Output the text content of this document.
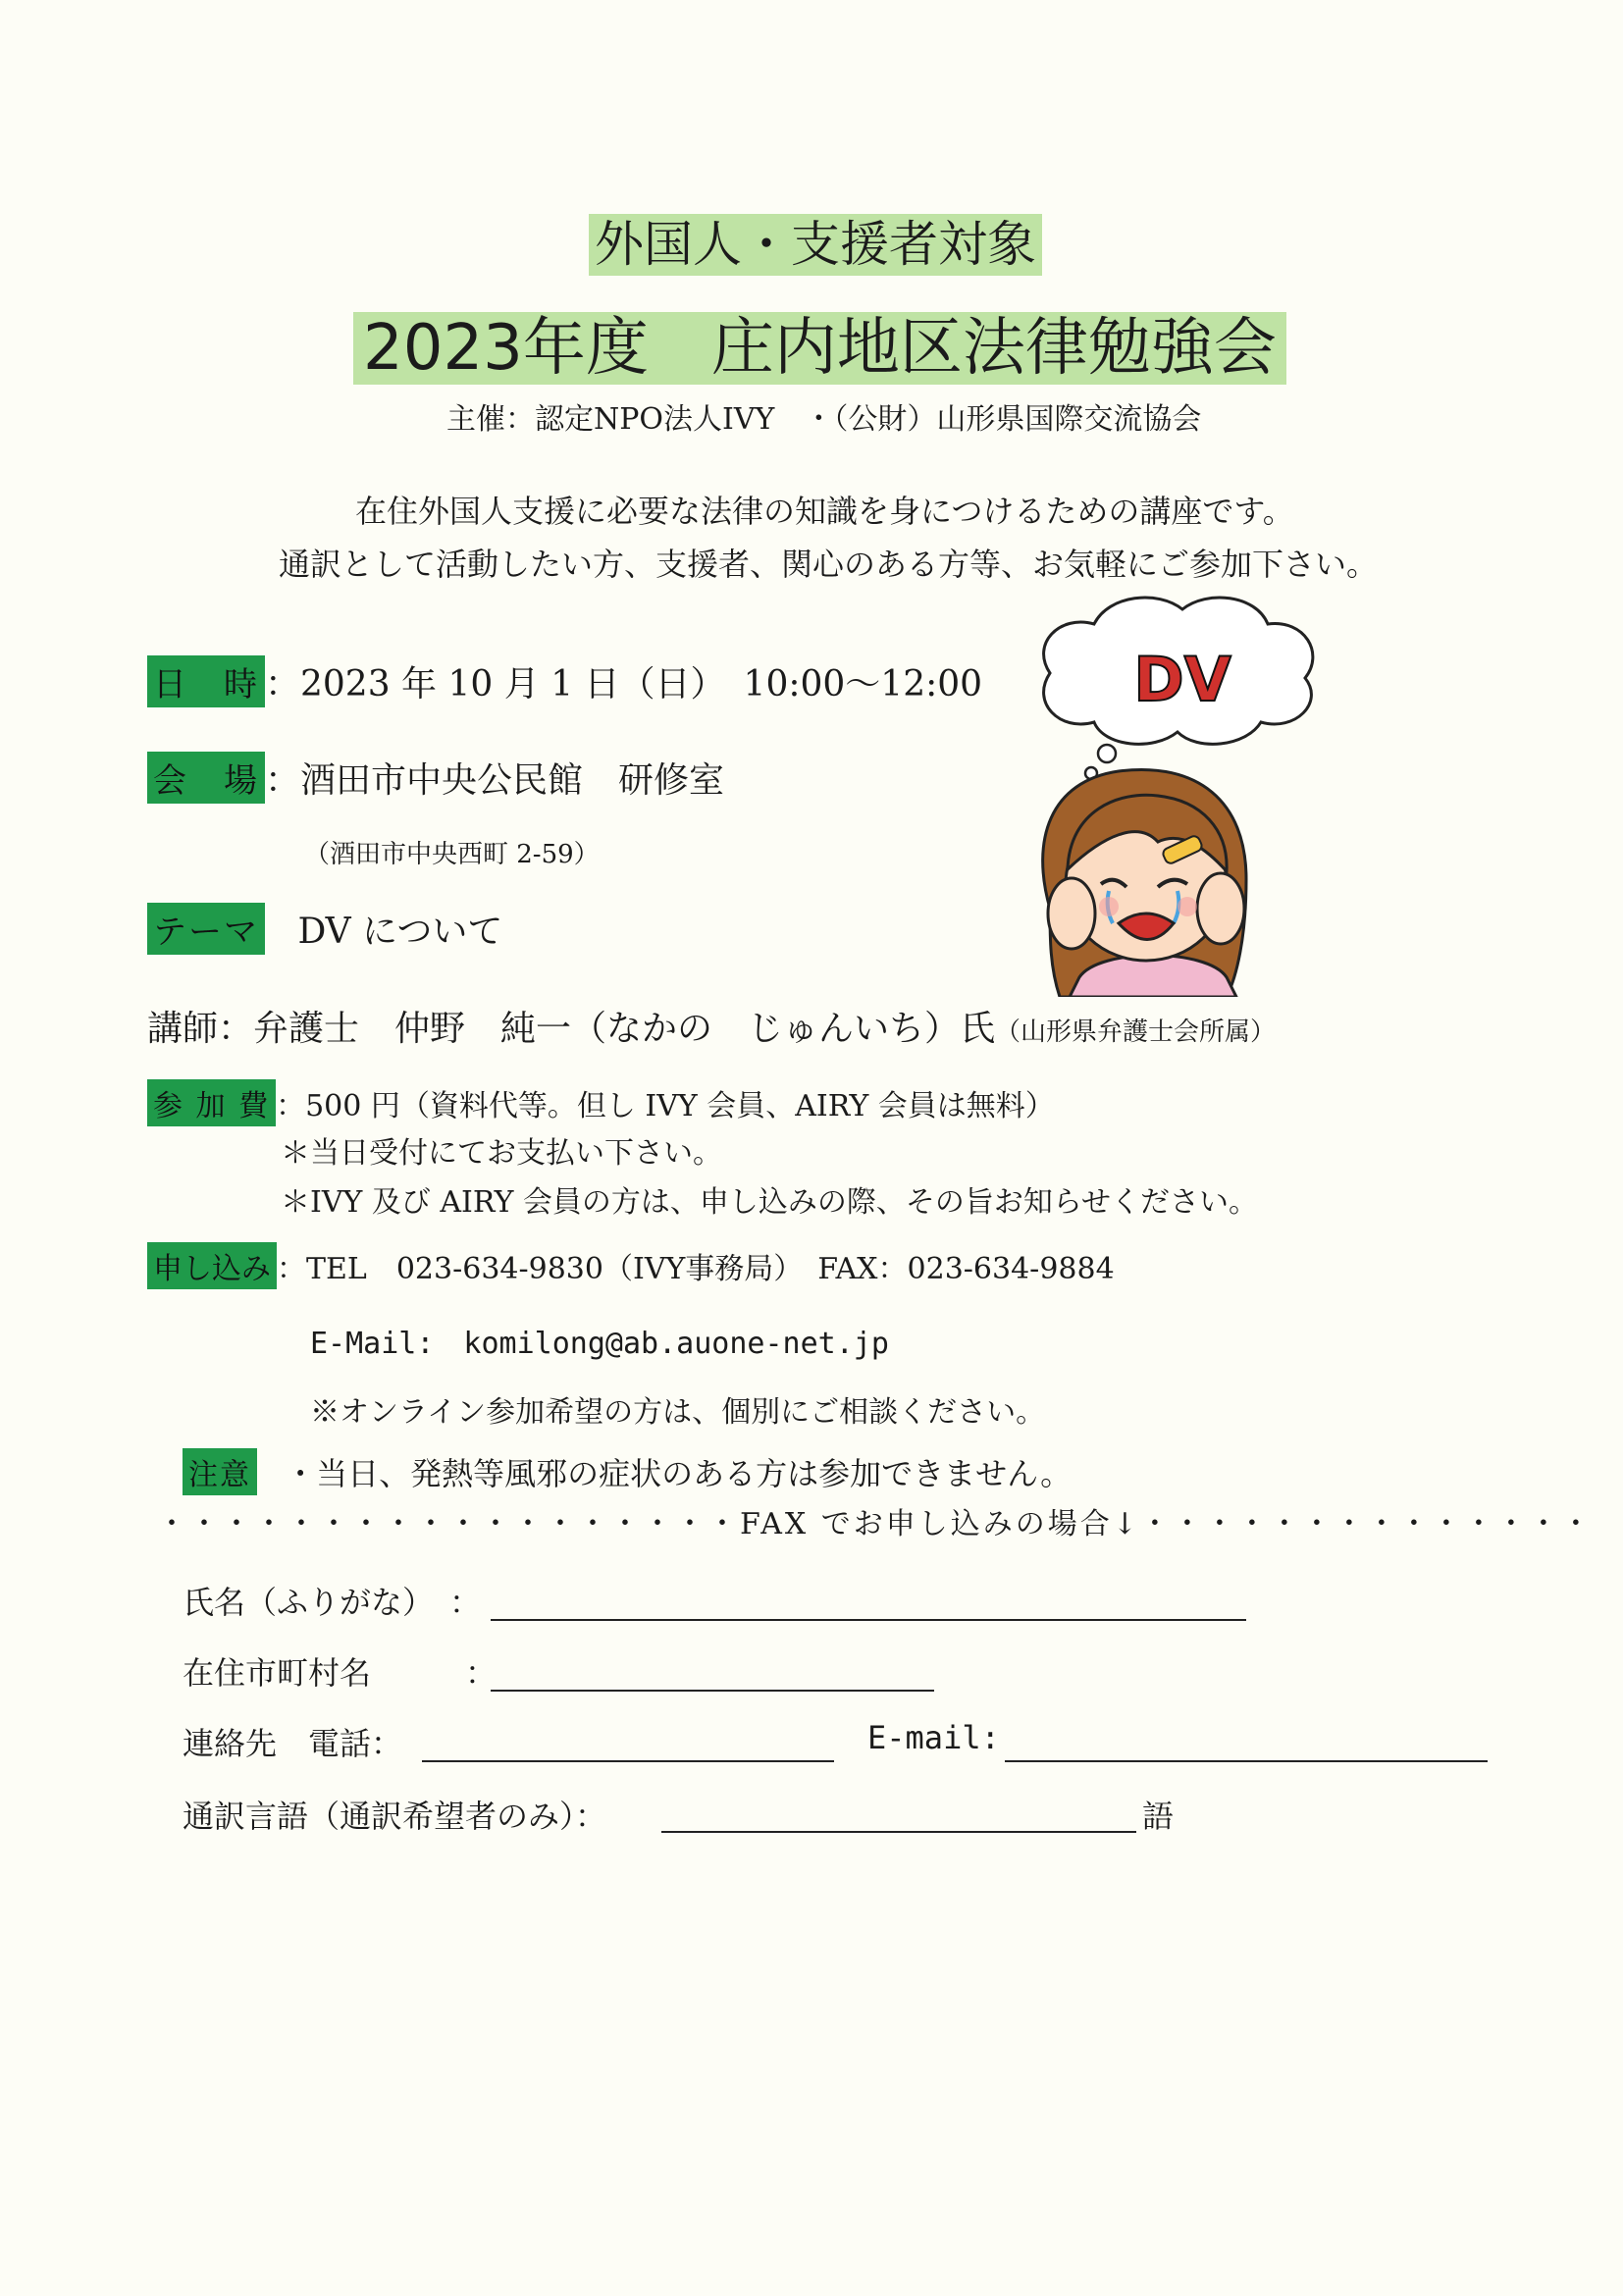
外国人・支援者対象
2023年度　庄内地区法律勉強会
主催：認定NPO法人IVY　・（公財）山形県国際交流協会
在住外国人支援に必要な法律の知識を身につけるための講座です。
通訳として活動したい方、支援者、関心のある方等、お気軽にご参加下さい。
日　時 ：2023 年 10 月 1 日（日）　10:00～12:00
会　場 ：酒田市中央公民館　研修室
（酒田市中央西町 2-59）
テーマ DV について
講師：弁護士　仲野　純一（なかの　じゅんいち）氏（山形県弁護士会所属）
参 加 費 ：500 円（資料代等。但し IVY 会員、AIRY 会員は無料）
＊当日受付にてお支払い下さい。
＊IVY 及び AIRY 会員の方は、申し込みの際、その旨お知らせください。
申し込み ：TEL　023-634-9830（IVY事務局）　FAX：023-634-9884
E-Mail:　komilong@ab.auone-net.jp
※オンライン参加希望の方は、個別にご相談ください。
注意 ・当日、発熱等風邪の症状のある方は参加できません。
・・・・・・・・・・・・・・・・・・FAX でお申し込みの場合↓・・・・・・・・・・・・・・
氏名（ふりがな）　：
在住市町村名　　　：
連絡先　電話：	E-mail:
通訳言語（通訳希望者のみ）：	語
DV
